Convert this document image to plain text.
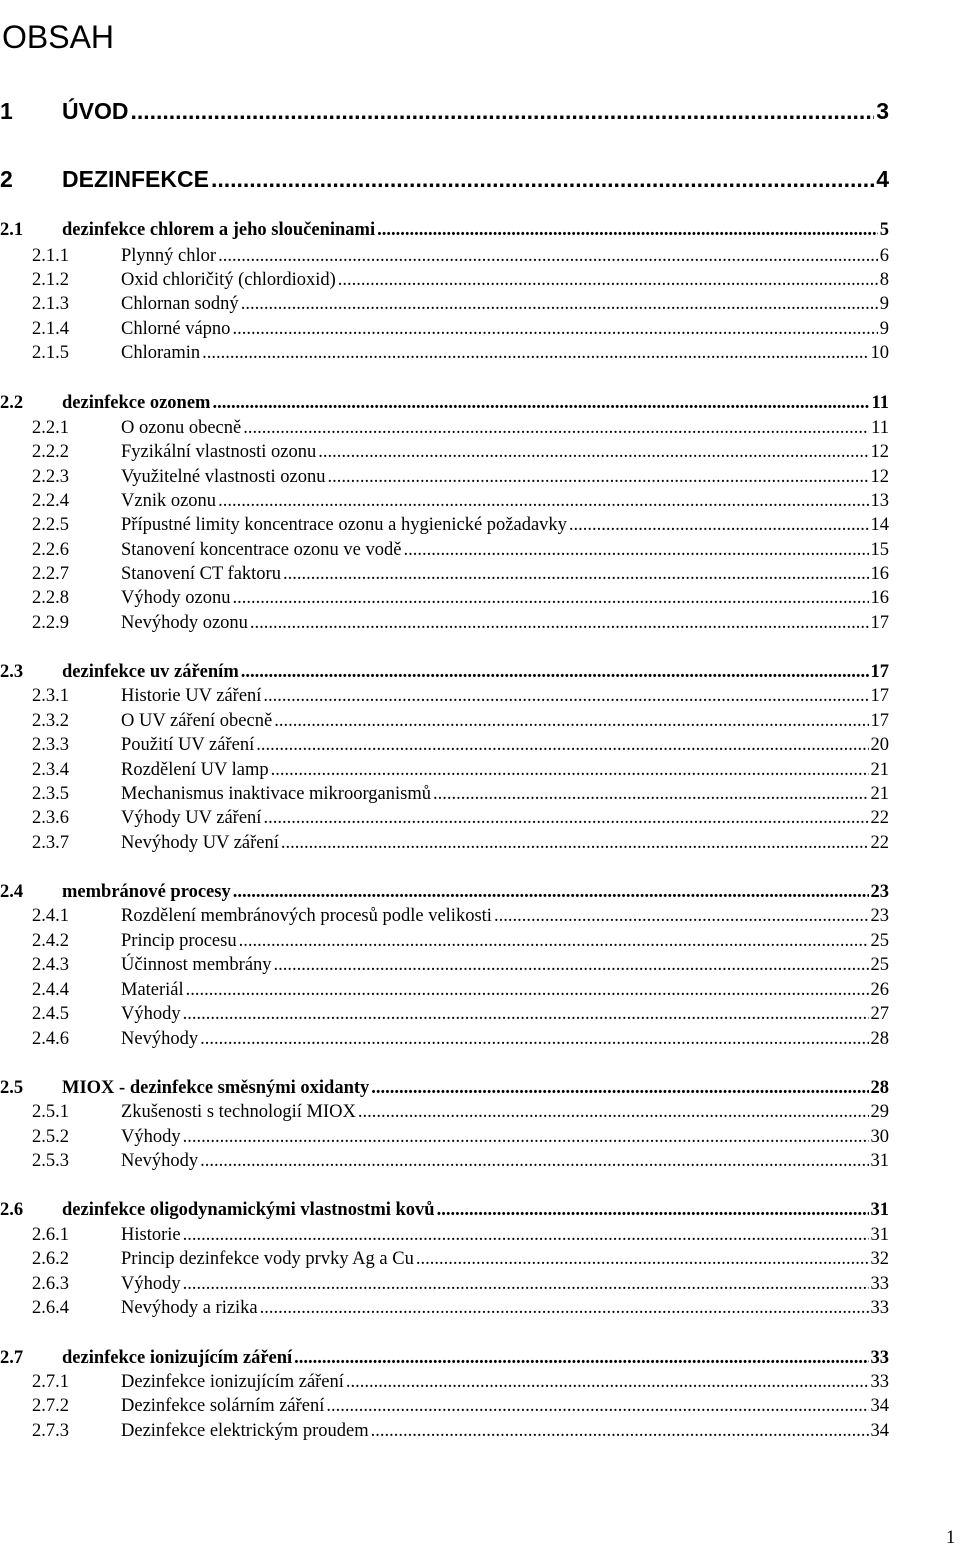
OBSAH
1	ÚVOD .....	3
2	DEZINFEKCE .....	4
2.1	dezinfekce chlorem a jeho sloučeninami .....	5
2.1.1	Plynný chlor .....	6
2.1.2	Oxid chloričitý (chlordioxid) .....	8
2.1.3	Chlornan sodný .....	9
2.1.4	Chlorné vápno .....	9
2.1.5	Chloramin .....	10
2.2	dezinfekce ozonem .....	11
2.2.1	O ozonu obecně .....	11
2.2.2	Fyzikální vlastnosti ozonu .....	12
2.2.3	Využitelné vlastnosti ozonu .....	12
2.2.4	Vznik ozonu .....	13
2.2.5	Přípustné limity koncentrace ozonu a hygienické požadavky .....	14
2.2.6	Stanovení koncentrace ozonu ve vodě .....	15
2.2.7	Stanovení CT faktoru .....	16
2.2.8	Výhody ozonu .....	16
2.2.9	Nevýhody ozonu .....	17
2.3	dezinfekce uv zářením .....	17
2.3.1	Historie UV záření .....	17
2.3.2	O UV záření obecně .....	17
2.3.3	Použití UV záření .....	20
2.3.4	Rozdělení UV lamp .....	21
2.3.5	Mechanismus inaktivace mikroorganismů .....	21
2.3.6	Výhody UV záření .....	22
2.3.7	Nevýhody UV záření .....	22
2.4	membránové procesy .....	23
2.4.1	Rozdělení membránových procesů podle velikosti .....	23
2.4.2	Princip procesu .....	25
2.4.3	Účinnost membrány .....	25
2.4.4	Materiál .....	26
2.4.5	Výhody .....	27
2.4.6	Nevýhody .....	28
2.5	MIOX - dezinfekce směsnými oxidanty .....	28
2.5.1	Zkušenosti s technologií MIOX .....	29
2.5.2	Výhody .....	30
2.5.3	Nevýhody .....	31
2.6	dezinfekce oligodynamickými vlastnostmi kovů .....	31
2.6.1	Historie .....	31
2.6.2	Princip dezinfekce vody prvky Ag a Cu .....	32
2.6.3	Výhody .....	33
2.6.4	Nevýhody a rizika .....	33
2.7	dezinfekce ionizujícím záření .....	33
2.7.1	Dezinfekce ionizujícím záření .....	33
2.7.2	Dezinfekce solárním záření .....	34
2.7.3	Dezinfekce elektrickým proudem .....	34
1
